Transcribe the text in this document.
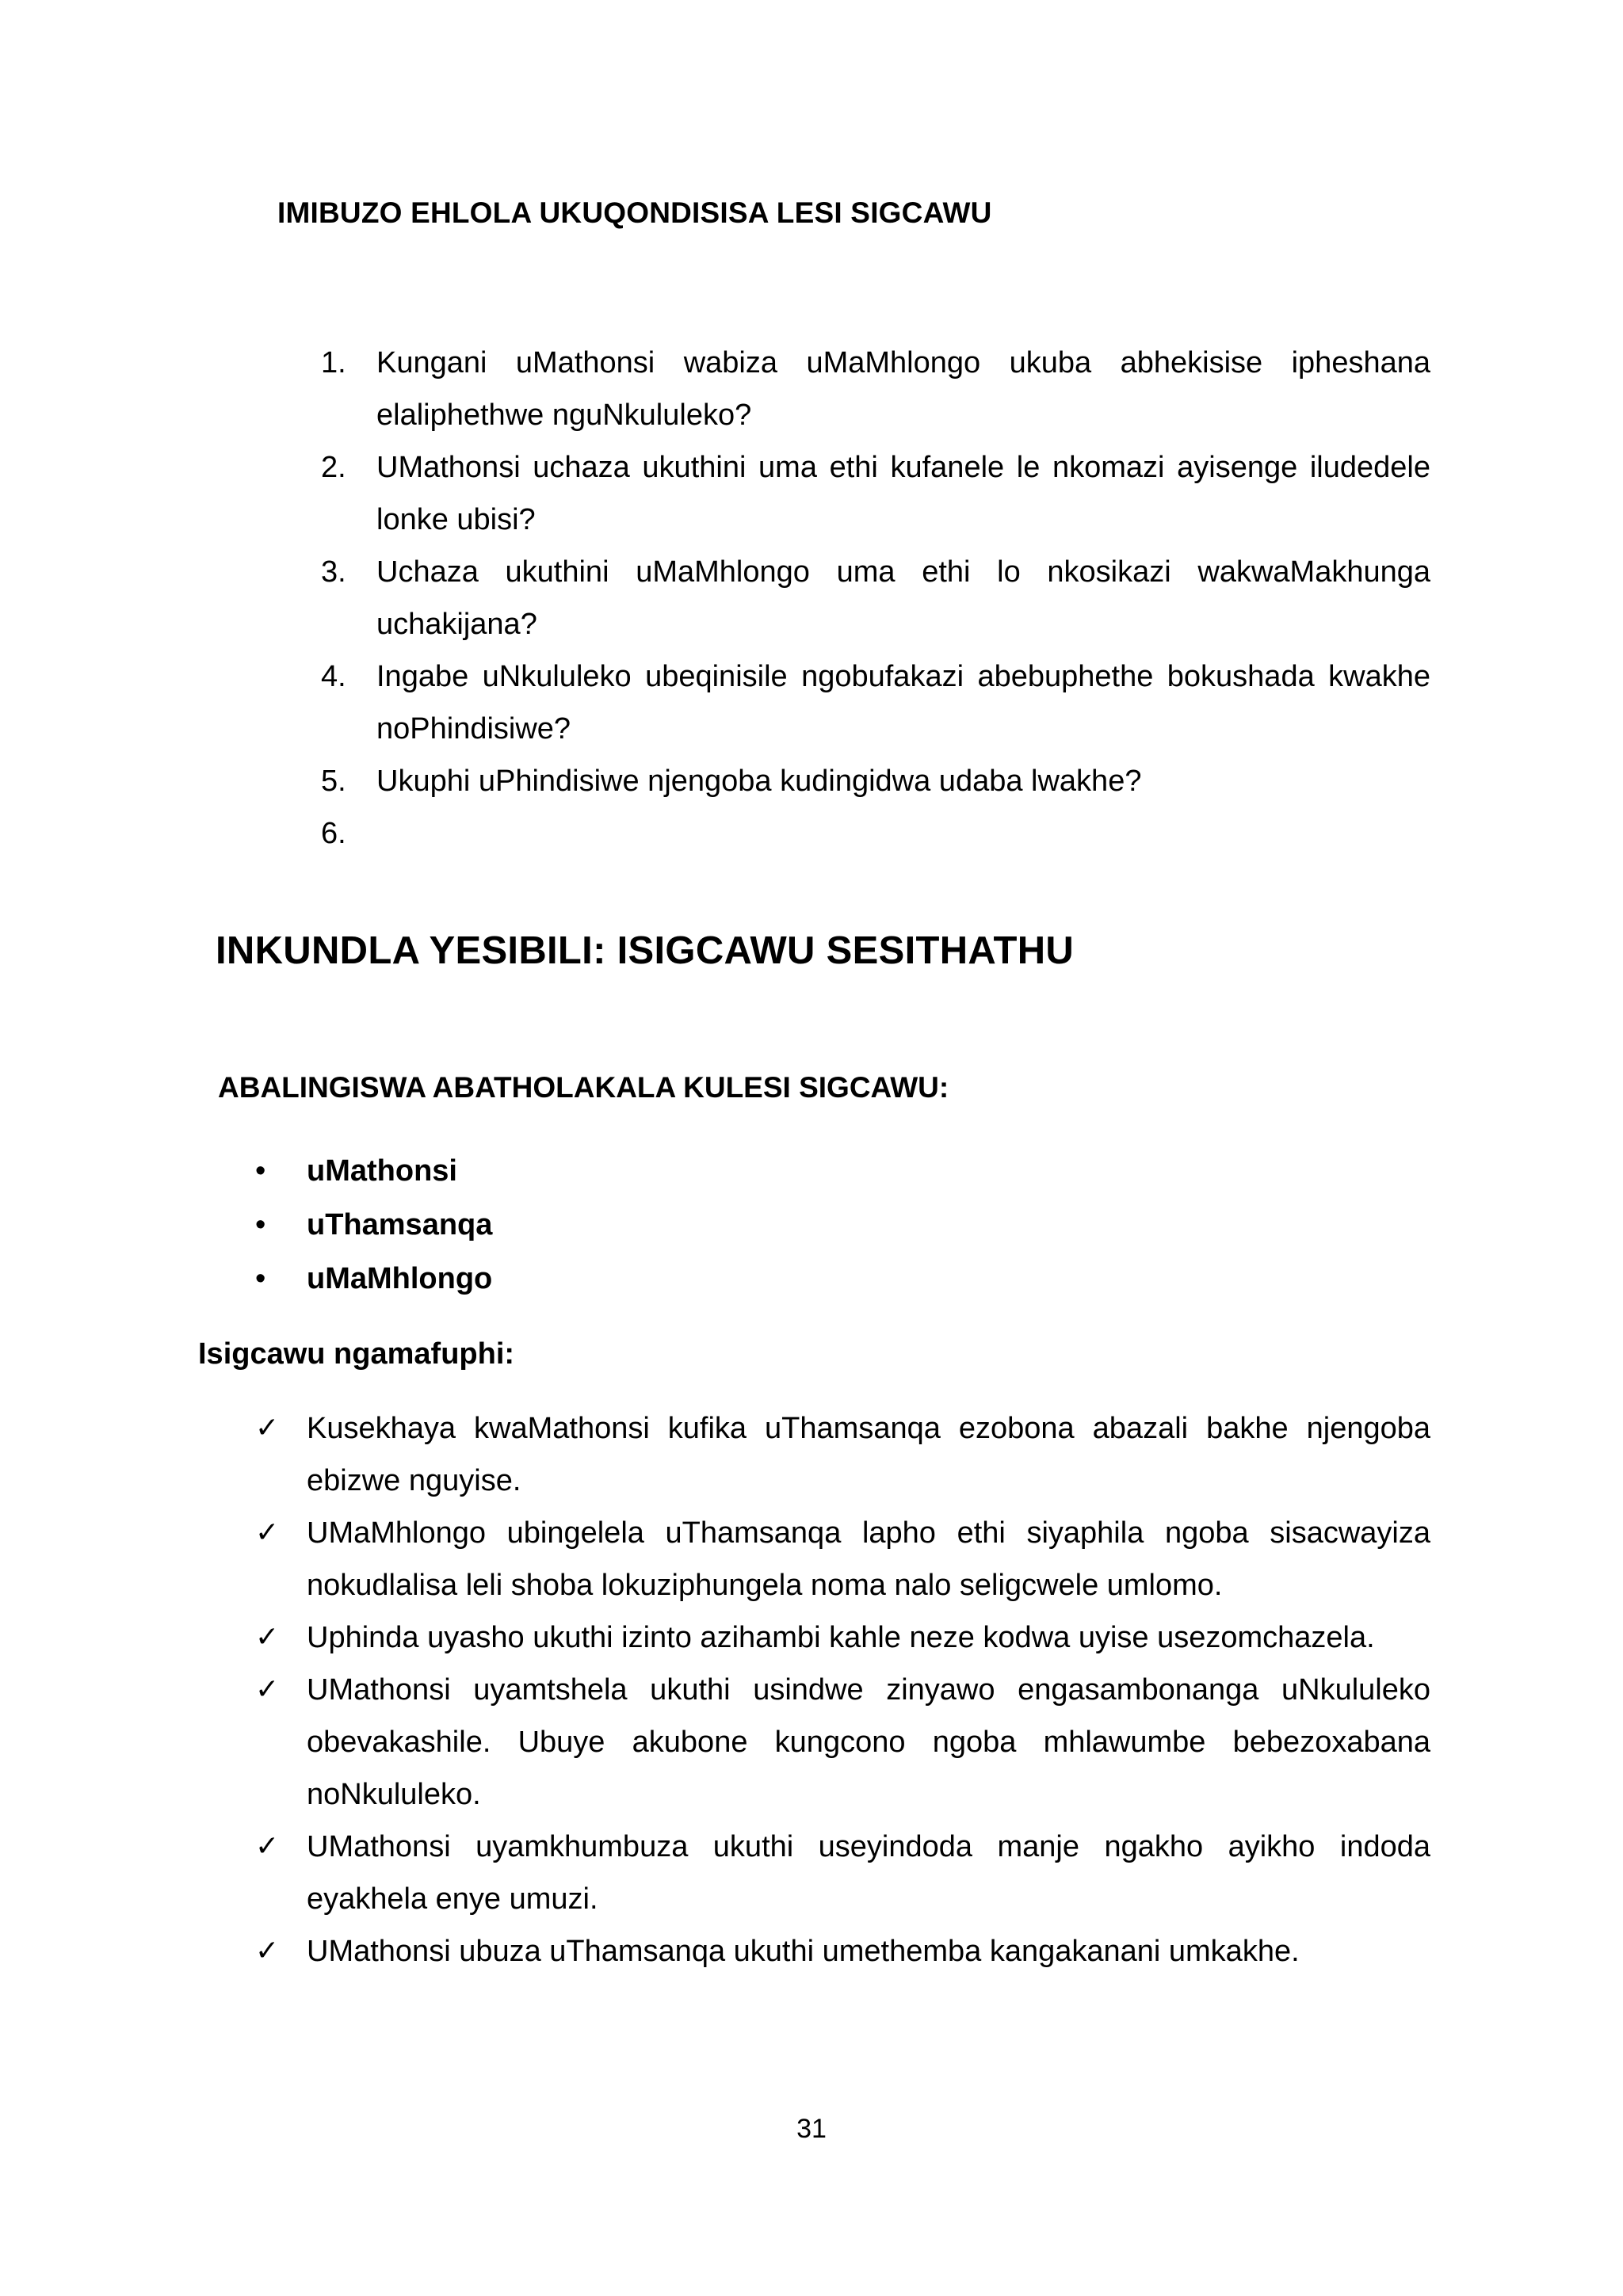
IMIBUZO EHLOLA UKUQONDISISA LESI SIGCAWU
1. Kungani uMathonsi wabiza uMaMhlongo ukuba abhekisise ipheshana elaliphethwe nguNkululeko?
2. UMathonsi uchaza ukuthini uma ethi kufanele le nkomazi ayisenge iludedele lonke ubisi?
3. Uchaza ukuthini uMaMhlongo uma ethi lo nkosikazi wakwaMakhunga uchakijana?
4. Ingabe uNkululeko ubeqinisile ngobufakazi abebuphethe bokushada kwakhe noPhindisiwe?
5. Ukuphi uPhindisiwe njengoba kudingidwa udaba lwakhe?
6.

INKUNDLA YESIBILI: ISIGCAWU SESITHATHU
ABALINGISWA ABATHOLAKALA KULESI SIGCAWU:
• uMathonsi
• uThamsanqa
• uMaMhlongo
Isigcawu ngamafuphi:
✓ Kusekhaya kwaMathonsi kufika uThamsanqa ezobona abazali bakhe njengoba ebizwe nguyise.
✓ UMaMhlongo ubingelela uThamsanqa lapho ethi siyaphila ngoba sisacwayiza nokudlalisa leli shoba lokuziphungela noma nalo seligcwele umlomo.
✓ Uphinda uyasho ukuthi izinto azihambi kahle neze kodwa uyise usezomchazela.
✓ UMathonsi uyamtshela ukuthi usindwe zinyawo engasambonanga uNkululeko obevakashile. Ubuye akubone kungcono ngoba mhlawumbe bebezoxabana noNkululeko.
✓ UMathonsi uyamkhumbuza ukuthi useyindoda manje ngakho ayikho indoda eyakhela enye umuzi.
✓ UMathonsi ubuza uThamsanqa ukuthi umethemba kangakanani umkakhe.
31
